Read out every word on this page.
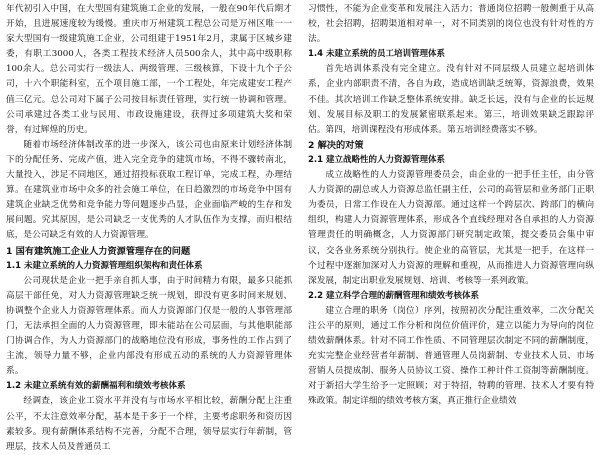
年代初引入中国，在大型国有建筑施工企业的发展，一般在90年代后期才开始，且进展速度较为缓慢。重庆市万州建筑工程总公司是万州区唯一一家大型国有一级建筑施工企业，公司组建于1951年2月，隶属于区城乡建委，有职工3000人，各类工程技术经济人员500余人，其中高中级职称100余人。总公司实行一级法人、两级管理、三级核算，下设十九个子公司，十六个职能科室，五个项目施工部，一个工程处，年完成建安工程产值三亿元。总公司对下属子公司按目标责任管理，实行统一协调和管理。公司承建过各类工业与民用、市政设施建设，获得过多项建筑大奖和荣誉，有过辉煌的历史。

随着市场经济体制改革的进一步深入，该公司也由原来计划经济体制下的分配任务、完成产值，进入完全竞争的建筑市场，不得不骤转南北，大量投入，涉足不同地区，通过招投标获取工程订单，完成工程，办理结算。在建筑业市场中众多的社会施工单位，在日趋激烈的市场竞争中国有建筑企业缺乏优势和竞争能力等问题逐步凸显，企业面临严峻的生存和发展问题。究其原因，是公司缺乏一支优秀的人才队伍作为支撑，而归根结底，是公司缺乏有效的人力资源管理。

1 国有建筑施工企业人力资源管理存在的问题

1.1 未建立系统的人力资源管理组织架构和责任体系

公司现状是企业一把手亲自抓人事，由于时间精力有限，最多只能抓高层干部任免，对人力资源管理缺乏统一规划，即没有更多时间来规划、协调整个企业人力资源管理体系。而人力资源部门仅是一般的人事管理部门，无法承担全面的人力资源管理，即未能站在公司层面，与其他职能部门协调合作，为人力资源部门的战略地位没有形成，事务性的工作占到了主流，领导力量不够，企业内部没有形成五动的系统的人力资源管理体系。

1.2 未建立系统有效的薪酬福利和绩效考核体系

经调查，该企业工资水平并没有与市场水平相比较，薪酬分配上注重公平，不太注意效率分配，基本是千多于一个样，主要考虑职务和资历因素较多。现有薪酬体系结构不完善，分配不合理，领导层实行年薪制，管理层，技术人员及普通员工

习惯性，不能为企业变革和发展注入活力；普通岗位招聘一般侧重于从高校，社会招聘，招聘渠道相对单一，对不同类别的岗位也没有针对性的方法。

1.4 未建立系统的员工培训管理体系

首先培训体系没有完全建立。没有针对不同层级人员建立起培训体系，企业内部职责不清，各自为政，造成培训缺乏统筹，资源浪费，效果不佳。其次培训工作缺乏整体系统安排。缺乏长远，没有与企业的长远规划、发展目标及职工的发展紧密联系起来。第三，培训效果缺乏跟踪评估。第四，培训课程没有形成体系。第五培训经费落实不够。

2 解决的对策

2.1 建立战略性的人力资源管理体系

成立战略性的人力资源管理委员会，由企业的一把手任主任，由分管人力资源的副总或人力资源总监任副主任，公司的高管层和业务部门正职为委员，日常工作设在人力资源部。通过这样一个跨层次、跨部门的横向组织，构建人力资源管理体系，形成各个直线经理对各自承担的人力资源管理责任的明确概念，人力资源部门研究制定政策，提交委员会集中审议，交各业务系统分别执行。使企业的高管层，尤其是一把手，在这样一个过程中逐渐加深对人力资源的理解和重视，从而推进人力资源管理向纵深发展，制定出职业发展规划、培训、考核等一系列政策。

2.2 建立科学合理的薪酬管理和绩效考核体系

建立合理的职务（岗位）序列，按照初次分配注重效率，二次分配关注公平的原则，通过工作分析和岗位价值评价，建立以能力为导向的岗位绩效薪酬体系。针对不同工作性质、不同管理层次制定不同的薪酬制度，充实完整企业经营者年薪制、普通管理人员岗薪制、专业技术人员、市场营销人员提成制、服务人员协议工资、操作工种计件工资制等薪酬制度。对于新招大学生给予一定照顾；对于特招，特聘的管理、技术人才要有特殊政策。制定详细的绩效考核方案，真正推行企业绩效
